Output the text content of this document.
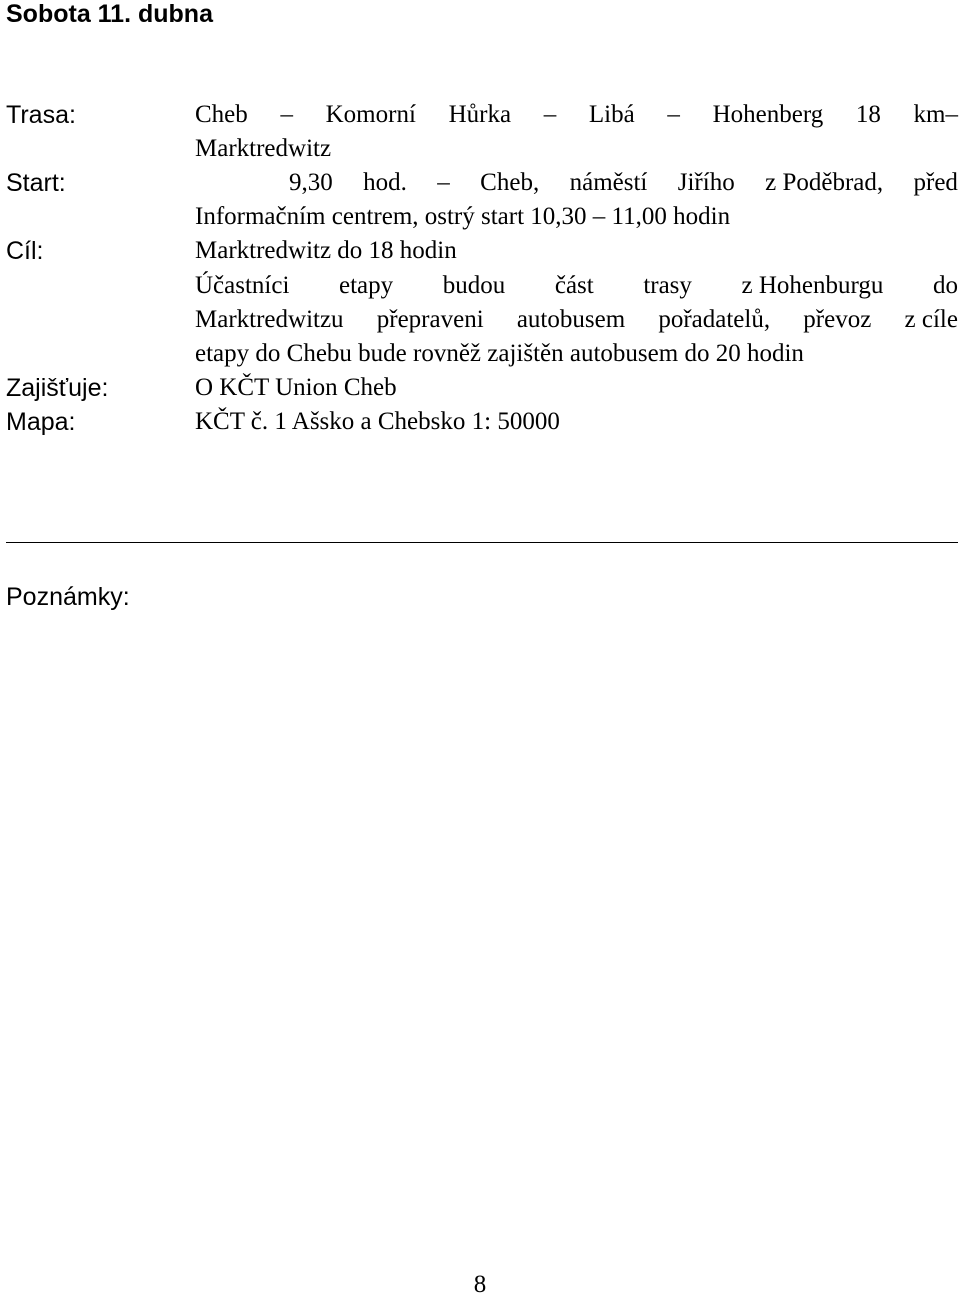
Sobota 11. dubna
Trasa:	Cheb – Komorní Hůrka – Libá – Hohenberg 18 km–
Marktredwitz
Start:	9,30 hod. – Cheb, náměstí Jiřího z Poděbrad, před
Informačním centrem, ostrý start 10,30 – 11,00 hodin
Cíl:	Marktredwitz do 18 hodin
Účastníci etapy budou část trasy z Hohenburgu do
Marktredwitzu přepraveni autobusem pořadatelů, převoz z cíle
etapy do Chebu bude rovněž zajištěn autobusem do 20 hodin
Zajišťuje:	O KČT Union Cheb
Mapa:	KČT č. 1 Ašsko a Chebsko 1: 50000
Poznámky:
8
